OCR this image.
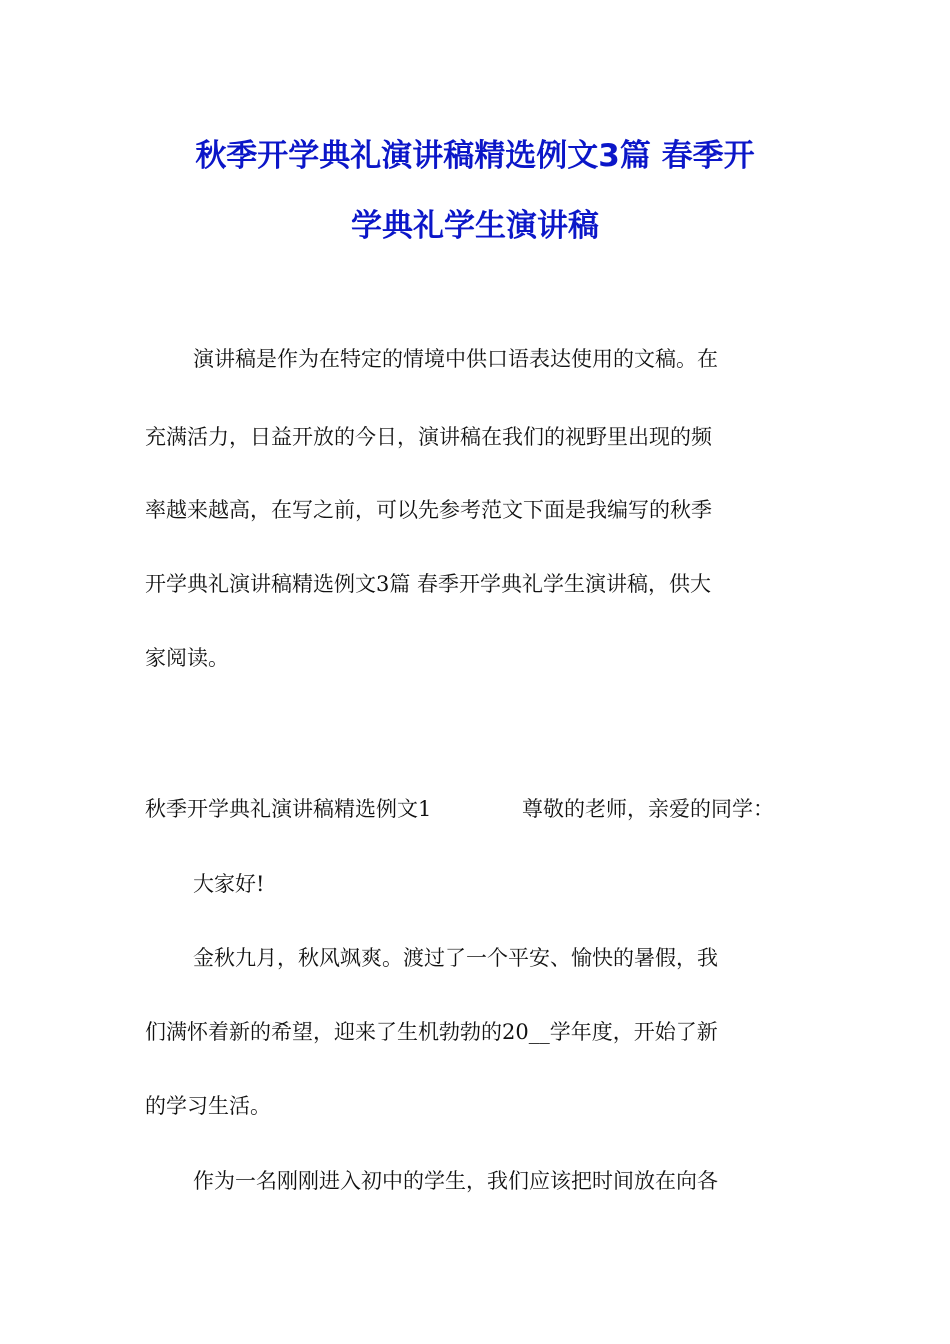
秋季开学典礼演讲稿精选例文3篇 春季开
学典礼学生演讲稿
演讲稿是作为在特定的情境中供口语表达使用的文稿。在
充满活力，日益开放的今日，演讲稿在我们的视野里出现的频
率越来越高，在写之前，可以先参考范文下面是我编写的秋季
开学典礼演讲稿精选例文3篇 春季开学典礼学生演讲稿，供大
家阅读。
秋季开学典礼演讲稿精选例文1	尊敬的老师，亲爱的同学：
大家好!
金秋九月，秋风飒爽。渡过了一个平安、愉快的暑假，我
们满怀着新的希望，迎来了生机勃勃的20__学年度，开始了新
的学习生活。
作为一名刚刚进入初中的学生，我们应该把时间放在向各
